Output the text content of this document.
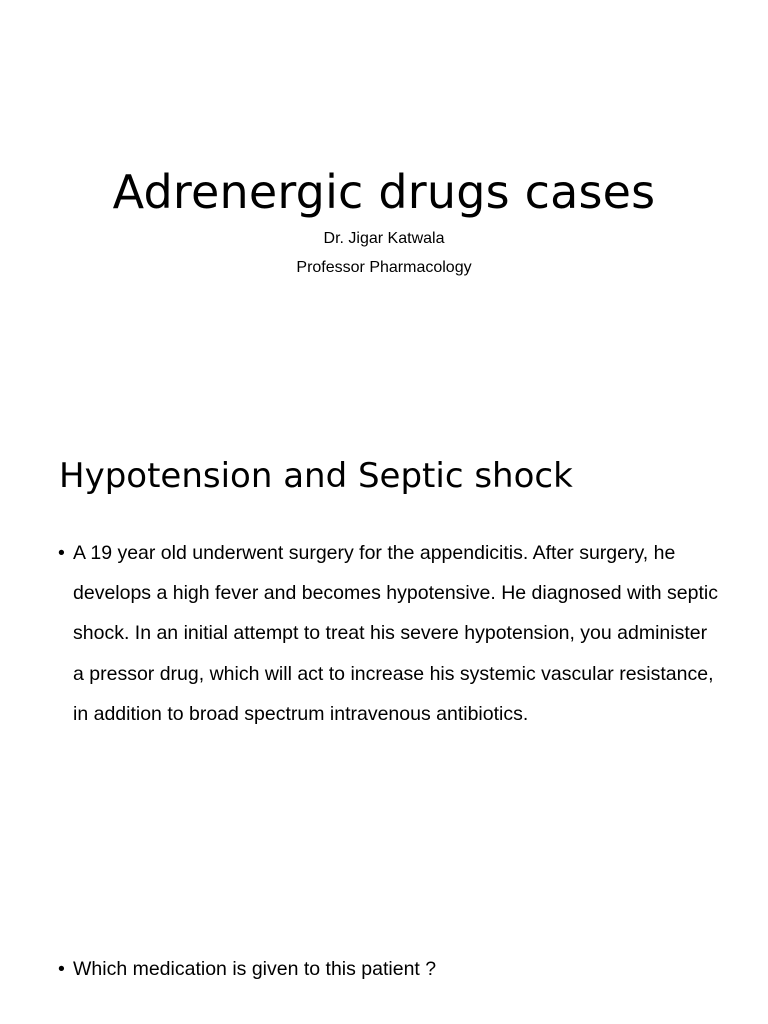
Adrenergic drugs cases

Dr. Jigar Katwala

Professor Pharmacology

Hypotension and Septic shock
• A 19 year old underwent surgery for the appendicitis. After surgery, he develops a high fever and becomes hypotensive. He diagnosed with septic shock. In an initial attempt to treat his severe hypotension, you administer a pressor drug, which will act to increase his systemic vascular resistance, in addition to broad spectrum intravenous antibiotics.
• Which medication is given to this patient ?
